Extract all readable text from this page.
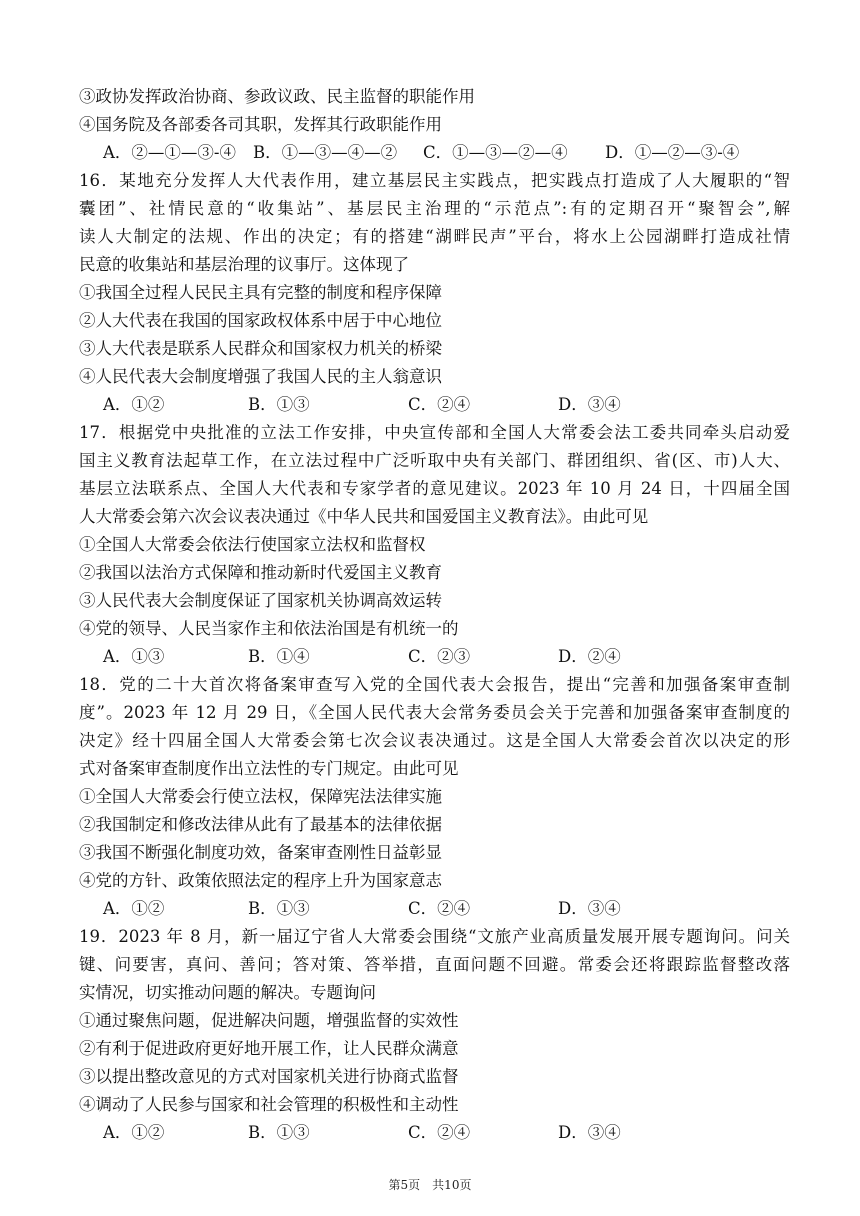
③政协发挥政治协商、参政议政、民主监督的职能作用
④国务院及各部委各司其职，发挥其行政职能作用
A．②—①—③-④ B．①—③—④—② C．①—③—②—④ D．①—②—③-④
16．某地充分发挥人大代表作用，建立基层民主实践点，把实践点打造成了人大履职的“智
囊团”、社情民意的“收集站”、基层民主治理的“示范点”:有的定期召开“聚智会”,解
读人大制定的法规、作出的决定；有的搭建“湖畔民声”平台，将水上公园湖畔打造成社情
民意的收集站和基层治理的议事厅。这体现了
①我国全过程人民民主具有完整的制度和程序保障
②人大代表在我国的国家政权体系中居于中心地位
③人大代表是联系人民群众和国家权力机关的桥梁
④人民代表大会制度增强了我国人民的主人翁意识
A．①②	B．①③	C．②④	D．③④
17．根据党中央批准的立法工作安排，中央宣传部和全国人大常委会法工委共同牵头启动爱
国主义教育法起草工作，在立法过程中广泛听取中央有关部门、群团组织、省(区、市)人大、
基层立法联系点、全国人大代表和专家学者的意见建议。2023 年 10 月 24 日，十四届全国
人大常委会第六次会议表决通过《中华人民共和国爱国主义教育法》。由此可见
①全国人大常委会依法行使国家立法权和监督权
②我国以法治方式保障和推动新时代爱国主义教育
③人民代表大会制度保证了国家机关协调高效运转
④党的领导、人民当家作主和依法治国是有机统一的
A．①③	B．①④	C．②③	D．②④
18．党的二十大首次将备案审查写入党的全国代表大会报告，提出“完善和加强备案审查制
度”。2023 年 12 月 29 日，《全国人民代表大会常务委员会关于完善和加强备案审查制度的
决定》经十四届全国人大常委会第七次会议表决通过。这是全国人大常委会首次以决定的形
式对备案审查制度作出立法性的专门规定。由此可见
①全国人大常委会行使立法权，保障宪法法律实施
②我国制定和修改法律从此有了最基本的法律依据
③我国不断强化制度功效，备案审查刚性日益彰显
④党的方针、政策依照法定的程序上升为国家意志
A．①②	B．①③	C．②④	D．③④
19．2023 年 8 月，新一届辽宁省人大常委会围绕“文旅产业高质量发展开展专题询问。问关
键、问要害，真问、善问；答对策、答举措，直面问题不回避。常委会还将跟踪监督整改落
实情况，切实推动问题的解决。专题询问
①通过聚焦问题，促进解决问题，增强监督的实效性
②有利于促进政府更好地开展工作，让人民群众满意
③以提出整改意见的方式对国家机关进行协商式监督
④调动了人民参与国家和社会管理的积极性和主动性
A．①②	B．①③	C．②④	D．③④
第5页　共10页
